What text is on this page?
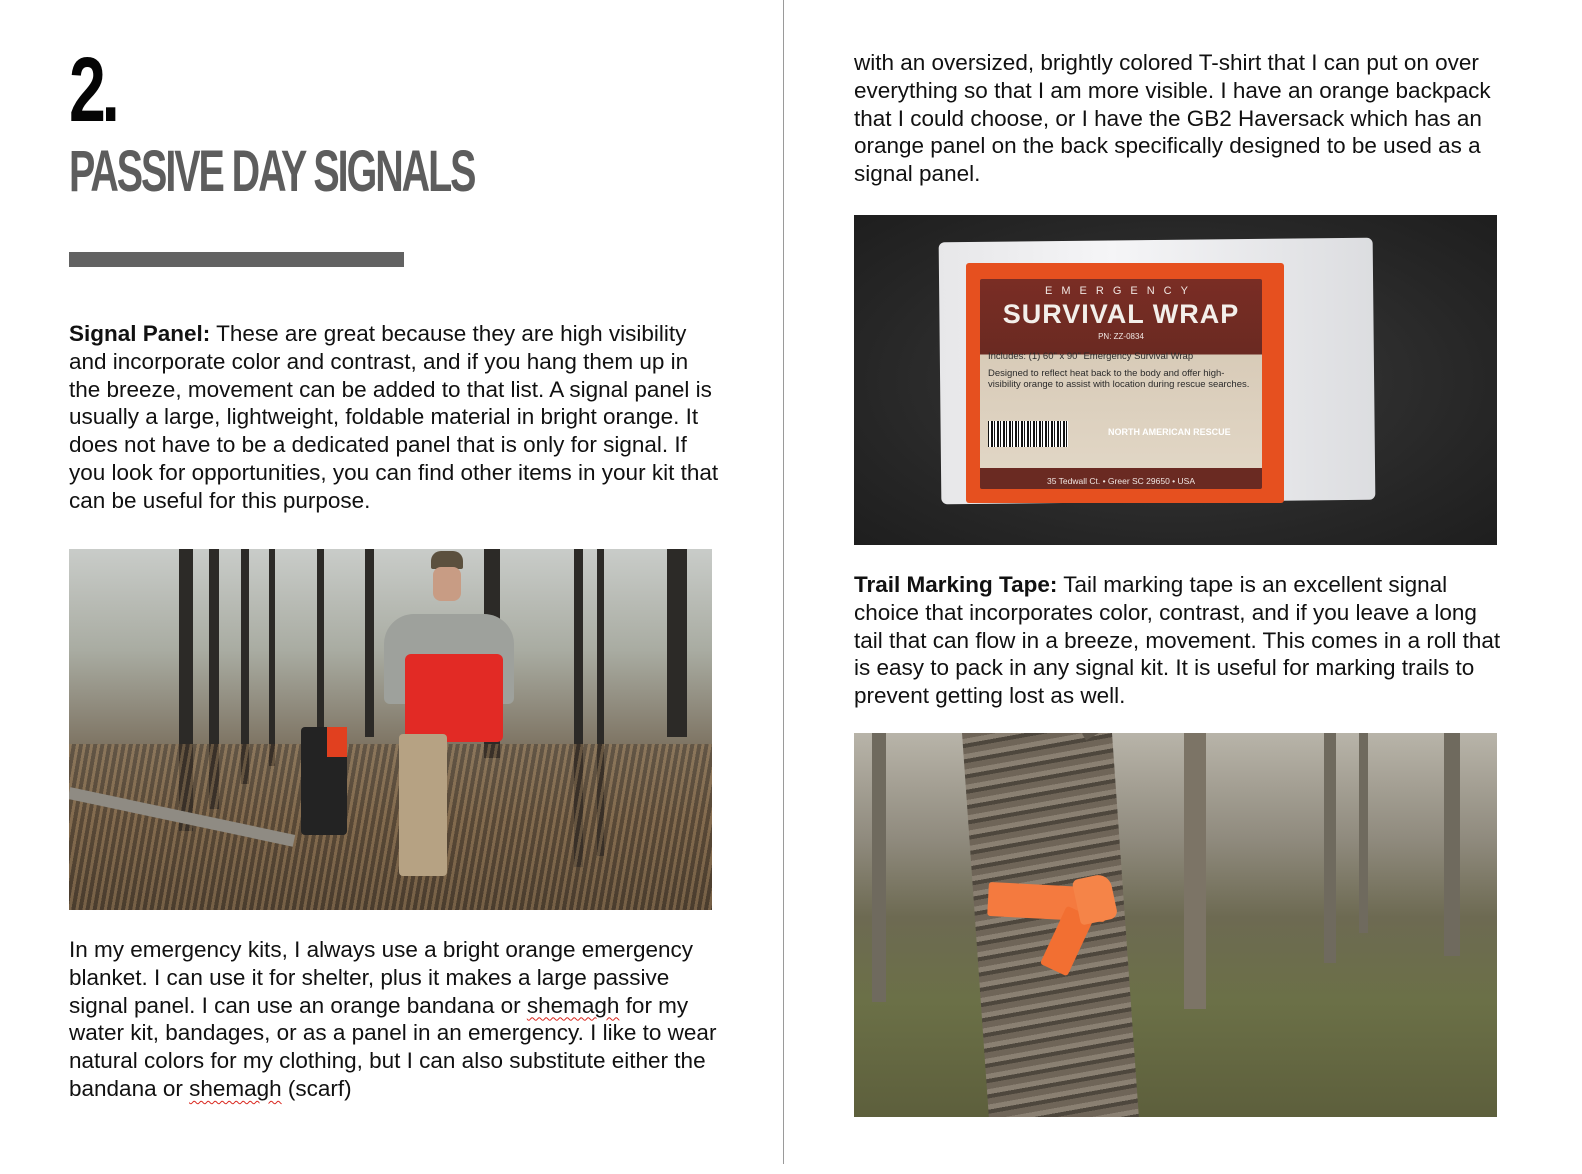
2.
PASSIVE DAY SIGNALS

Signal Panel: These are great because they are high visibility and incorporate color and contrast, and if you hang them up in the breeze, movement can be added to that list. A signal panel is usually a large, lightweight, foldable material in bright orange. It does not have to be a dedicated panel that is only for signal. If you look for opportunities, you can find other items in your kit that can be useful for this purpose.

In my emergency kits, I always use a bright orange emergency blanket. I can use it for shelter, plus it makes a large passive signal panel. I can use an orange bandana or shemagh for my water kit, bandages, or as a panel in an emergency. I like to wear natural colors for my clothing, but I can also substitute either the bandana or shemagh (scarf)

with an oversized, brightly colored T-shirt that I can put on over everything so that I am more visible. I have an orange backpack that I could choose, or I have the GB2 Haversack which has an orange panel on the back specifically designed to be used as a signal panel.

EMERGENCY
SURVIVAL WRAP
PN: ZZ-0834
Includes: (1) 60" x 90" Emergency Survival Wrap
Designed to reflect heat back to the body and offer high-visibility orange to assist with location during rescue searches.
NORTH AMERICAN RESCUE
35 Tedwall Ct. • Greer SC 29650 • USA

Trail Marking Tape: Tail marking tape is an excellent signal choice that incorporates color, contrast, and if you leave a long tail that can flow in a breeze, movement. This comes in a roll that is easy to pack in any signal kit. It is useful for marking trails to prevent getting lost as well.
